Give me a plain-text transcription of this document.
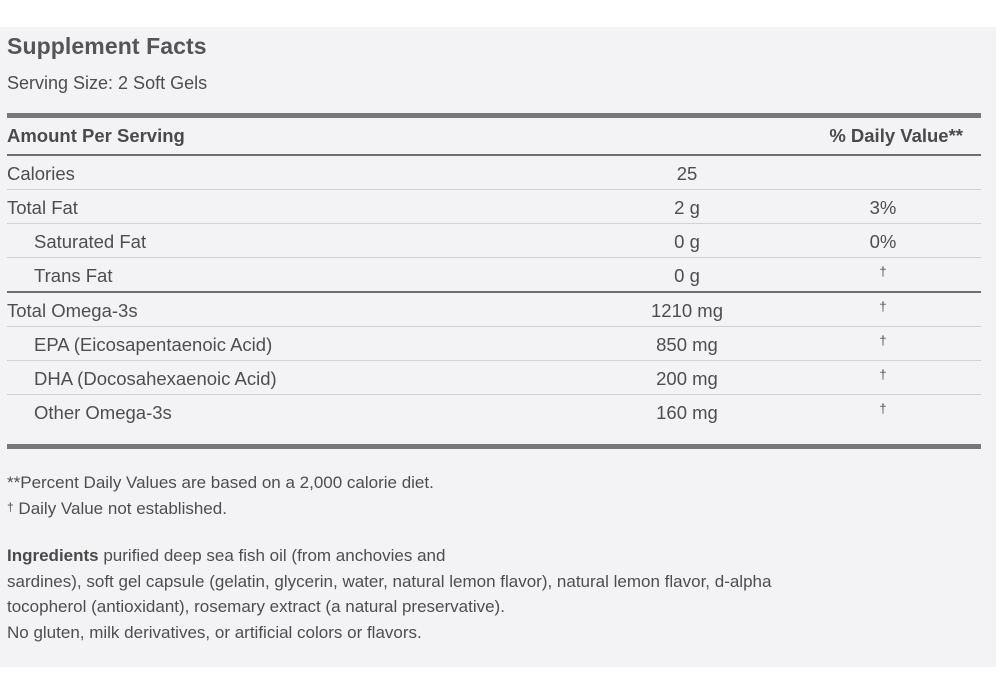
Supplement Facts
Serving Size: 2 Soft Gels
Amount Per Serving	% Daily Value**
Calories	25
Total Fat	2 g	3%
Saturated Fat	0 g	0%
Trans Fat	0 g	†
Total Omega-3s	1210 mg	†
EPA (Eicosapentaenoic Acid)	850 mg	†
DHA (Docosahexaenoic Acid)	200 mg	†
Other Omega-3s	160 mg	†
**Percent Daily Values are based on a 2,000 calorie diet.
† Daily Value not established.
Ingredients purified deep sea fish oil (from anchovies and
sardines), soft gel capsule (gelatin, glycerin, water, natural lemon flavor), natural lemon flavor, d-alpha
tocopherol (antioxidant), rosemary extract (a natural preservative).
No gluten, milk derivatives, or artificial colors or flavors.
